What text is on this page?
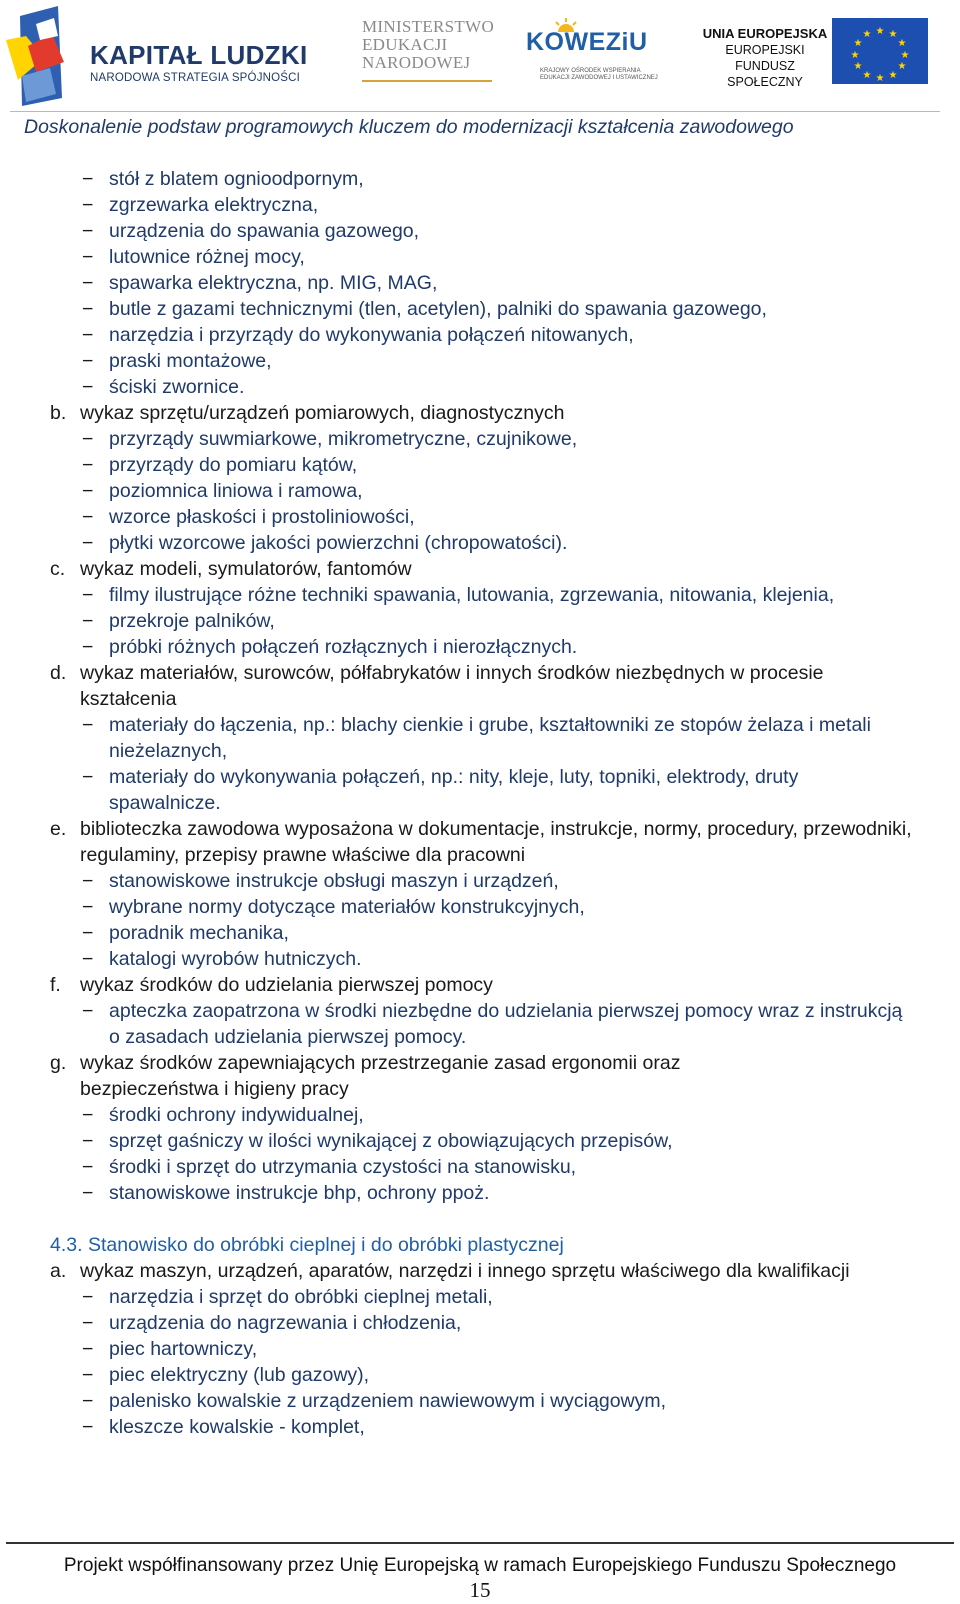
KAPITAŁ LUDZKI
NARODOWA STRATEGIA SPÓJNOŚCI
MINISTERSTWO
EDUKACJI
NARODOWEJ
KOWEZiU
KRAJOWY OŚRODEK WSPIERANIA
EDUKACJI ZAWODOWEJ I USTAWICZNEJ
UNIA EUROPEJSKA
EUROPEJSKI
FUNDUSZ SPOŁECZNY
★ ★
★
★
★
★
★
★
★
★
★
★
Doskonalenie podstaw programowych kluczem do modernizacji kształcenia zawodowego
− stół z blatem ognioodpornym,
− zgrzewarka elektryczna,
− urządzenia do spawania gazowego,
− lutownice różnej mocy,
− spawarka elektryczna, np. MIG, MAG,
− butle z gazami technicznymi (tlen, acetylen), palniki do spawania gazowego,
− narzędzia i przyrządy do wykonywania połączeń nitowanych,
− praski montażowe,
− ściski zwornice.
b. wykaz sprzętu/urządzeń pomiarowych, diagnostycznych
− przyrządy suwmiarkowe, mikrometryczne, czujnikowe,
− przyrządy do pomiaru kątów,
− poziomnica liniowa i ramowa,
− wzorce płaskości i prostoliniowości,
− płytki wzorcowe jakości powierzchni (chropowatości).
c. wykaz modeli, symulatorów, fantomów
− filmy ilustrujące różne techniki spawania, lutowania, zgrzewania, nitowania, klejenia,
− przekroje palników,
− próbki różnych połączeń rozłącznych i nierozłącznych.
d. wykaz materiałów, surowców, półfabrykatów i innych środków niezbędnych w procesie kształcenia
− materiały do łączenia, np.: blachy cienkie i grube, kształtowniki ze stopów żelaza i metali nieżelaznych,
− materiały do wykonywania połączeń, np.: nity, kleje, luty, topniki, elektrody, druty spawalnicze.
e. biblioteczka zawodowa wyposażona w dokumentacje, instrukcje, normy, procedury, przewodniki, regulaminy, przepisy prawne właściwe dla pracowni
− stanowiskowe instrukcje obsługi maszyn i urządzeń,
− wybrane normy dotyczące materiałów konstrukcyjnych,
− poradnik mechanika,
− katalogi wyrobów hutniczych.
f. wykaz środków do udzielania pierwszej pomocy
− apteczka zaopatrzona w środki niezbędne do udzielania pierwszej pomocy wraz z instrukcją o zasadach udzielania pierwszej pomocy.
g. wykaz środków zapewniających przestrzeganie zasad ergonomii oraz bezpieczeństwa i higieny pracy
− środki ochrony indywidualnej,
− sprzęt gaśniczy w ilości wynikającej z obowiązujących przepisów,
− środki i sprzęt do utrzymania czystości na stanowisku,
− stanowiskowe instrukcje bhp, ochrony ppoż.
4.3. Stanowisko do obróbki cieplnej i do obróbki plastycznej
a. wykaz maszyn, urządzeń, aparatów, narzędzi i innego sprzętu właściwego dla kwalifikacji
− narzędzia i sprzęt do obróbki cieplnej metali,
− urządzenia do nagrzewania i chłodzenia,
− piec hartowniczy,
− piec elektryczny (lub gazowy),
− palenisko kowalskie z urządzeniem nawiewowym i wyciągowym,
− kleszcze kowalskie - komplet,
Projekt współfinansowany przez Unię Europejską w ramach Europejskiego Funduszu Społecznego
15
